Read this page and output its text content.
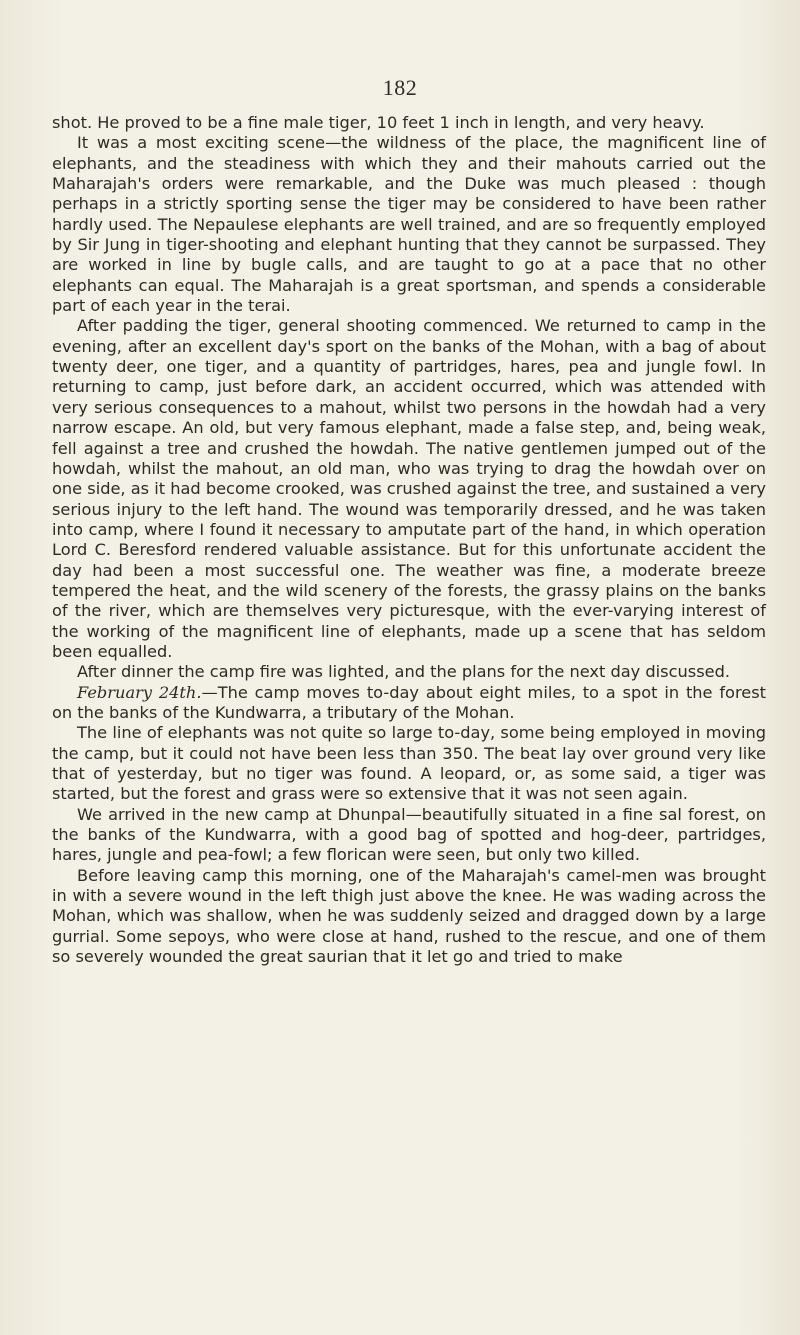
182

shot. He proved to be a fine male tiger, 10 feet 1 inch in length, and very heavy.

It was a most exciting scene—the wildness of the place, the magnificent line of elephants, and the steadiness with which they and their mahouts carried out the Maharajah's orders were remarkable, and the Duke was much pleased : though perhaps in a strictly sporting sense the tiger may be considered to have been rather hardly used. The Nepaulese elephants are well trained, and are so frequently employed by Sir Jung in tiger-shooting and elephant hunting that they cannot be surpassed. They are worked in line by bugle calls, and are taught to go at a pace that no other elephants can equal. The Maharajah is a great sportsman, and spends a considerable part of each year in the terai.

After padding the tiger, general shooting commenced. We returned to camp in the evening, after an excellent day's sport on the banks of the Mohan, with a bag of about twenty deer, one tiger, and a quantity of partridges, hares, pea and jungle fowl. In returning to camp, just before dark, an accident occurred, which was attended with very serious consequences to a mahout, whilst two persons in the howdah had a very narrow escape. An old, but very famous elephant, made a false step, and, being weak, fell against a tree and crushed the howdah. The native gentlemen jumped out of the howdah, whilst the mahout, an old man, who was trying to drag the howdah over on one side, as it had become crooked, was crushed against the tree, and sustained a very serious injury to the left hand. The wound was temporarily dressed, and he was taken into camp, where I found it necessary to amputate part of the hand, in which operation Lord C. Beresford rendered valuable assistance. But for this unfortunate accident the day had been a most successful one. The weather was fine, a moderate breeze tempered the heat, and the wild scenery of the forests, the grassy plains on the banks of the river, which are themselves very picturesque, with the ever-varying interest of the working of the magnificent line of elephants, made up a scene that has seldom been equalled.

After dinner the camp fire was lighted, and the plans for the next day discussed.

February 24th.—The camp moves to-day about eight miles, to a spot in the forest on the banks of the Kundwarra, a tributary of the Mohan.

The line of elephants was not quite so large to-day, some being employed in moving the camp, but it could not have been less than 350. The beat lay over ground very like that of yesterday, but no tiger was found. A leopard, or, as some said, a tiger was started, but the forest and grass were so extensive that it was not seen again.

We arrived in the new camp at Dhunpal—beautifully situated in a fine sal forest, on the banks of the Kundwarra, with a good bag of spotted and hog-deer, partridges, hares, jungle and pea-fowl; a few florican were seen, but only two killed.

Before leaving camp this morning, one of the Maharajah's camel-men was brought in with a severe wound in the left thigh just above the knee. He was wading across the Mohan, which was shallow, when he was suddenly seized and dragged down by a large gurrial. Some sepoys, who were close at hand, rushed to the rescue, and one of them so severely wounded the great saurian that it let go and tried to make
